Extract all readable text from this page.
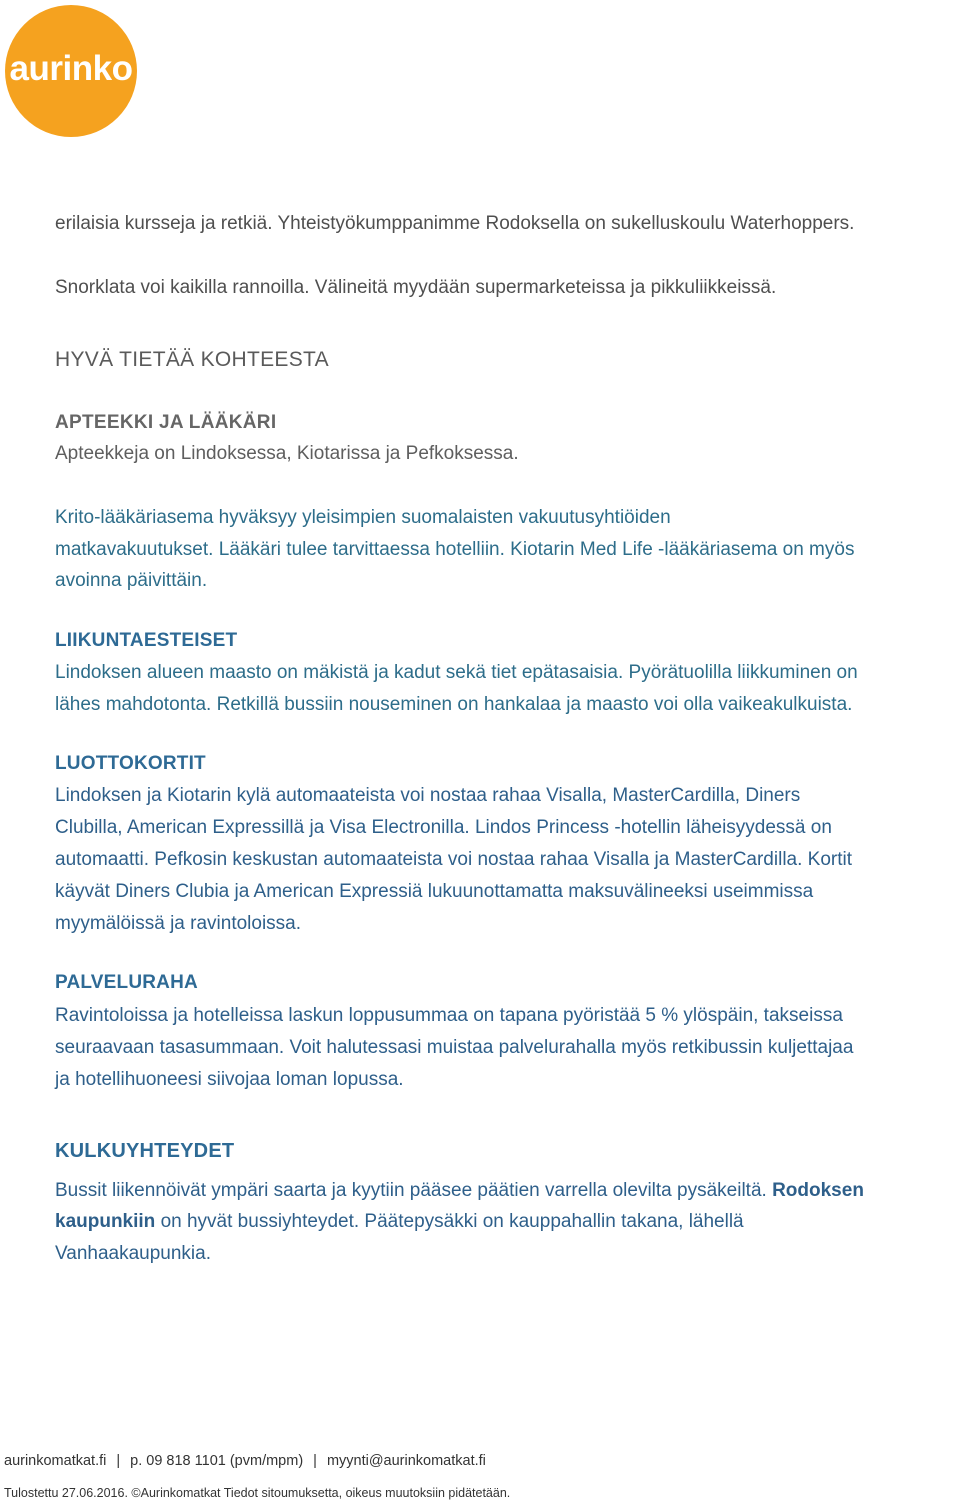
aurinko
erilaisia kursseja ja retkiä. Yhteistyökumppanimme Rodoksella on sukelluskoulu Waterhoppers.
Snorklata voi kaikilla rannoilla. Välineitä myydään supermarketeissa ja pikkuliikkeissä.
HYVÄ TIETÄÄ KOHTEESTA
APTEEKKI JA LÄÄKÄRI
Apteekkeja on Lindoksessa, Kiotarissa ja Pefkoksessa.
Krito-lääkäriasema hyväksyy yleisimpien suomalaisten vakuutusyhtiöiden
matkavakuutukset. Lääkäri tulee tarvittaessa hotelliin. Kiotarin Med Life -lääkäriasema on myös
avoinna päivittäin.
LIIKUNTAESTEISET
Lindoksen alueen maasto on mäkistä ja kadut sekä tiet epätasaisia. Pyörätuolilla liikkuminen on
lähes mahdotonta. Retkillä bussiin nouseminen on hankalaa ja maasto voi olla vaikeakulkuista.
LUOTTOKORTIT
Lindoksen ja Kiotarin kylä automaateista voi nostaa rahaa Visalla, MasterCardilla, Diners
Clubilla, American Expressillä ja Visa Electronilla. Lindos Princess -hotellin läheisyydessä on
automaatti. Pefkosin keskustan automaateista voi nostaa rahaa Visalla ja MasterCardilla. Kortit
käyvät Diners Clubia ja American Expressiä lukuunottamatta maksuvälineeksi useimmissa
myymälöissä ja ravintoloissa.
PALVELURAHA
Ravintoloissa ja hotelleissa laskun loppusummaa on tapana pyöristää 5 % ylöspäin, takseissa
seuraavaan tasasummaan. Voit halutessasi muistaa palvelurahalla myös retkibussin kuljettajaa
ja hotellihuoneesi siivojaa loman lopussa.
KULKUYHTEYDET
Bussit liikennöivät ympäri saarta ja kyytiin pääsee päätien varrella olevilta pysäkeiltä. Rodoksen
kaupunkiin on hyvät bussiyhteydet. Päätepysäkki on kauppahallin takana, lähellä
Vanhaakaupunkia.
aurinkomatkat.fi | p. 09 818 1101 (pvm/mpm) | myynti@aurinkomatkat.fi
Tulostettu 27.06.2016. ©Aurinkomatkat Tiedot sitoumuksetta, oikeus muutoksiin pidätetään.
